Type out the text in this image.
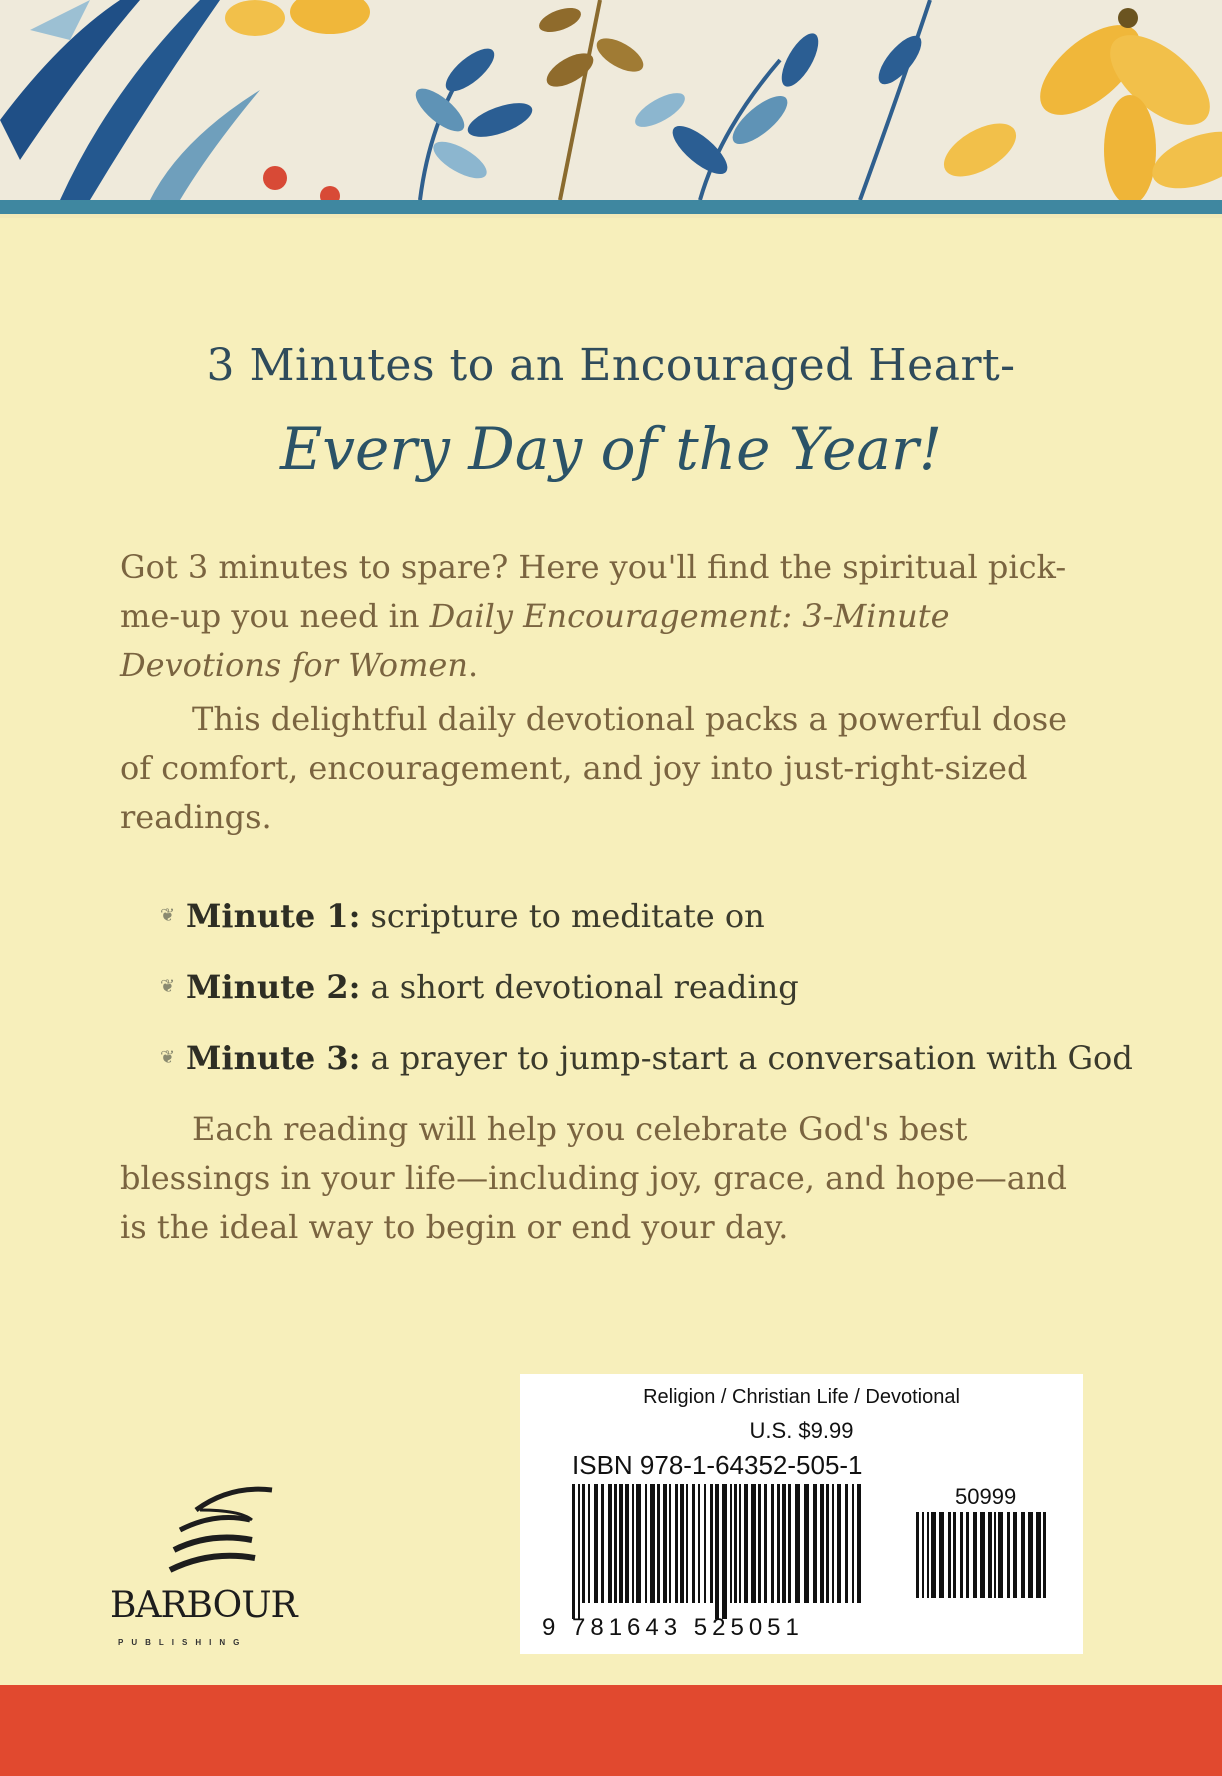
3 Minutes to an Encouraged Heart-
Every Day of the Year!
Got 3 minutes to spare? Here you'll find the spiritual pick-me-up you need in Daily Encouragement: 3-Minute Devotions for Women.
This delightful daily devotional packs a powerful dose of comfort, encouragement, and joy into just-right-sized readings.
❦ Minute 1: scripture to meditate on
❦ Minute 2: a short devotional reading
❦ Minute 3: a prayer to jump-start a conversation with God
Each reading will help you celebrate God's best blessings in your life—including joy, grace, and hope—and is the ideal way to begin or end your day.
BARBOUR
PUBLISHING
Religion / Christian Life / Devotional
U.S. $9.99
ISBN 978-1-64352-505-1
50999
9 781643 525051
